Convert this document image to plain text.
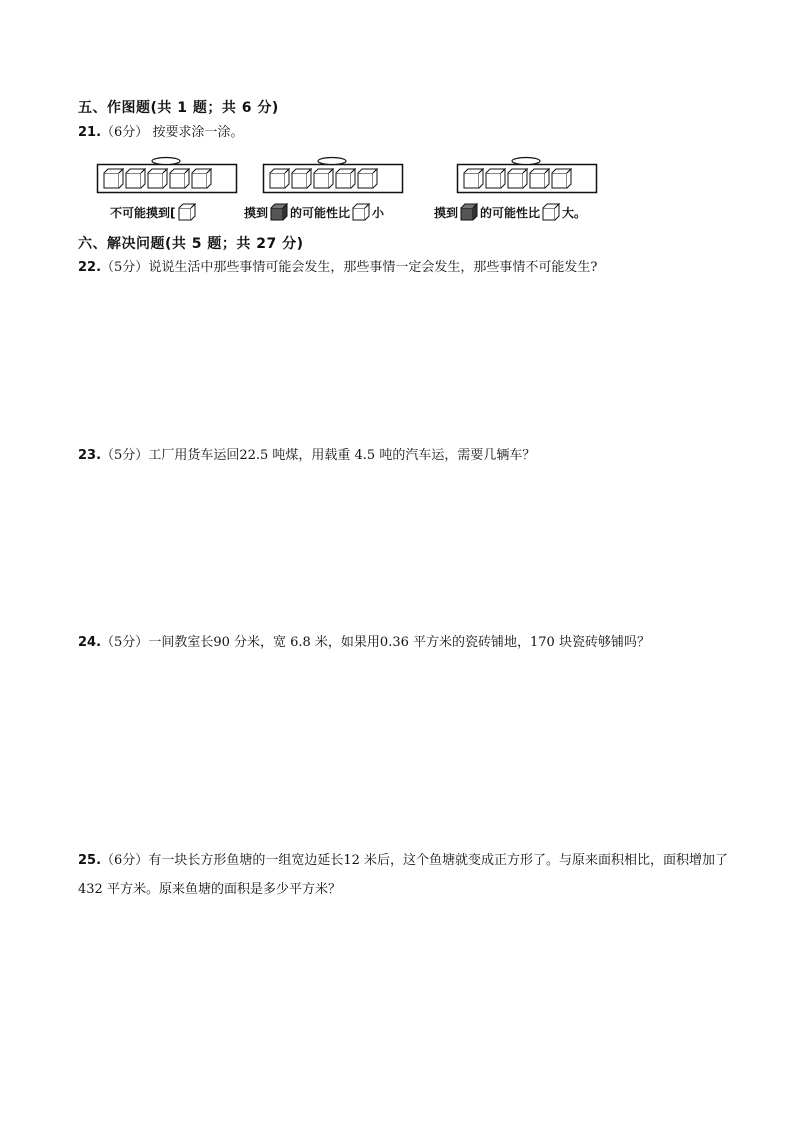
五、作图题(共 1 题；共 6 分)
21.（6分） 按要求涂一涂。
不可能摸到[	摸到 的可能性比 小	摸到 的可能性比 大。
六、解决问题(共 5 题；共 27 分)
22.（5分）说说生活中那些事情可能会发生，那些事情一定会发生，那些事情不可能发生?
23.（5分）工厂用货车运回22.5 吨煤，用载重 4.5 吨的汽车运，需要几辆车？
24.（5分）一间教室长90 分米，宽 6.8 米，如果用0.36 平方米的瓷砖铺地，170 块瓷砖够铺吗？
25.（6分）有一块长方形鱼塘的一组宽边延长12 米后，这个鱼塘就变成正方形了。与原来面积相比，面积增加了432 平方米。原来鱼塘的面积是多少平方米？
